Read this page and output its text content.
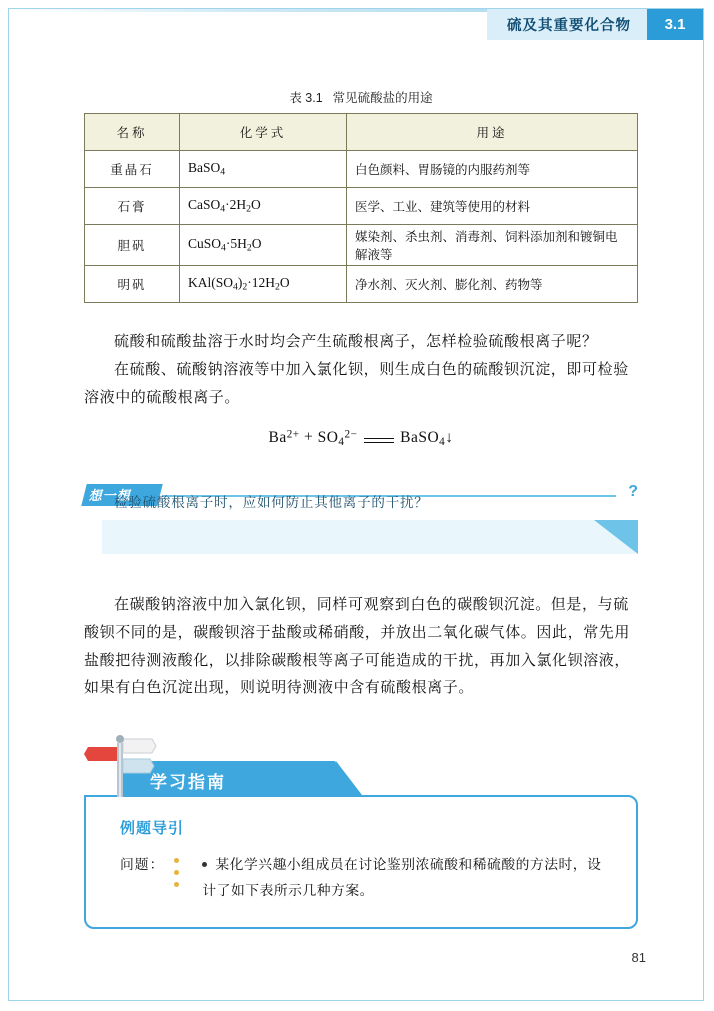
硫及其重要化合物	3.1
表 3.1 常见硫酸盐的用途
名称	化学式	用途
重晶石	BaSO$_4$	白色颜料、胃肠镜的内服药剂等
石膏	$CaSO_4\cdot 2H_2O$	医学、工业、建筑等使用的材料
胆矾	$CuSO_4\cdot 5H_2O$	媒染剂、杀虫剂、消毒剂、饲料添加剂和镀铜电解液等
明矾	$KAl(SO_4)_2\cdot 12H_2O$	净水剂、灭火剂、膨化剂、药物等

硫酸和硫酸盐溶于水时均会产生硫酸根离子，怎样检验硫酸根离子呢？

在硫酸、硫酸钠溶液等中加入氯化钡，则生成白色的硫酸钡沉淀，即可检验溶液中的硫酸根离子。

$Ba^{2+} + SO_4^{2-}$	BaSO$_4$↓
想一想	?
检验硫酸根离子时，应如何防止其他离子的干扰？

在碳酸钠溶液中加入氯化钡，同样可观察到白色的碳酸钡沉淀。但是，与硫酸钡不同的是，碳酸钡溶于盐酸或稀硝酸，并放出二氧化碳气体。因此，常先用盐酸把待测液酸化，以排除碳酸根等离子可能造成的干扰，再加入氯化钡溶液，如果有白色沉淀出现，则说明待测液中含有硫酸根离子。

学习指南
例题导引
问题：	某化学兴趣小组成员在讨论鉴别浓硫酸和稀硫酸的方法时，设计了如下表所示几种方案。
81
